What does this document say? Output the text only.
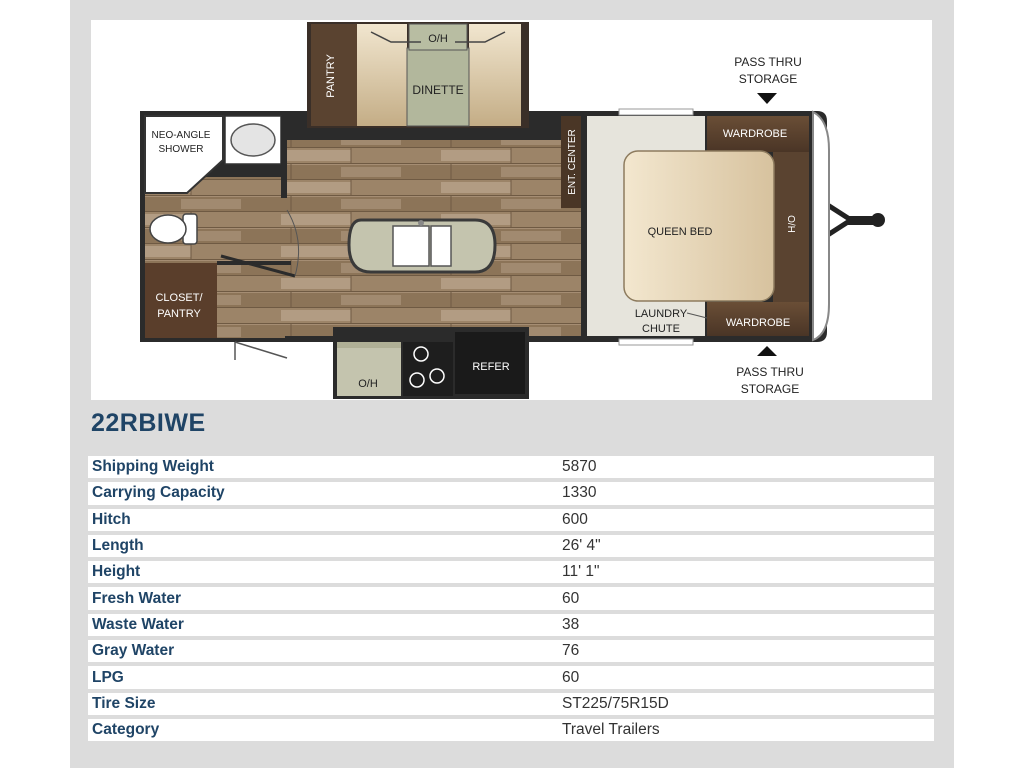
PANTRY
O/H
DINETTE
PASS THRU
STORAGE
NEO-ANGLE
SHOWER	ENT. CENTER	WARDROBE
QUEEN BED	O/H
CLOSET/
PANTRY	LAUNDRY
CHUTE	WARDROBE
O/H
REFER	PASS THRU
STORAGE
22RBIWE
Shipping Weight	5870
Carrying Capacity	1330
Hitch	600
Length	26' 4"
Height	11' 1"
Fresh Water	60
Waste Water	38
Gray Water	76
LPG	60
Tire Size	ST225/75R15D
Category	Travel Trailers
